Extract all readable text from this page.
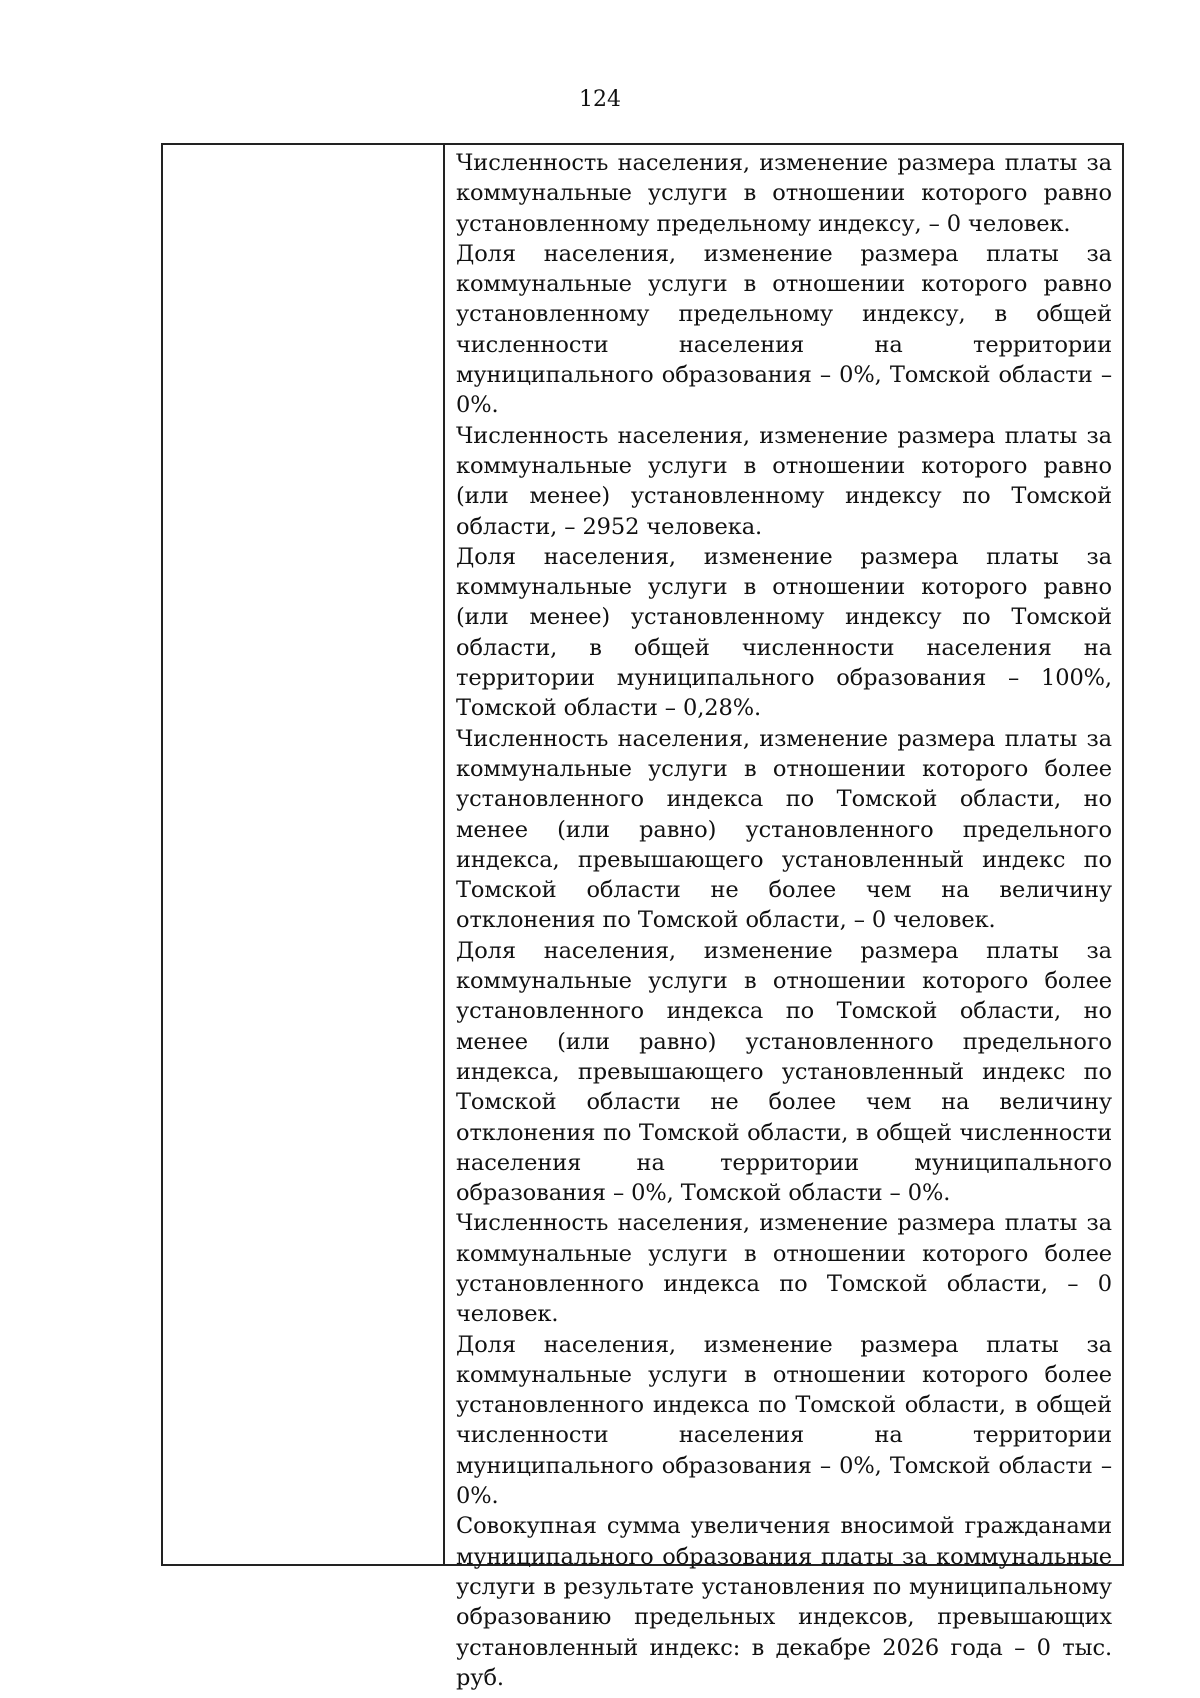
124

Численность населения, изменение размера платы за коммунальные услуги в отношении которого равно установленному предельному индексу, – 0 человек.

Доля населения, изменение размера платы за коммунальные услуги в отношении которого равно установленному предельному индексу, в общей численности населения на территории муниципального образования – 0%, Томской области – 0%.

Численность населения, изменение размера платы за коммунальные услуги в отношении которого равно (или менее) установленному индексу по Томской области, – 2952 человека.

Доля населения, изменение размера платы за коммунальные услуги в отношении которого равно (или менее) установленному индексу по Томской области, в общей численности населения на территории муниципального образования – 100%, Томской области – 0,28%.

Численность населения, изменение размера платы за коммунальные услуги в отношении которого более установленного индекса по Томской области, но менее (или равно) установленного предельного индекса, превышающего установленный индекс по Томской области не более чем на величину отклонения по Томской области, – 0 человек.

Доля населения, изменение размера платы за коммунальные услуги в отношении которого более установленного индекса по Томской области, но менее (или равно) установленного предельного индекса, превышающего установленный индекс по Томской области не более чем на величину отклонения по Томской области, в общей численности населения на территории муниципального образования – 0%, Томской области – 0%.

Численность населения, изменение размера платы за коммунальные услуги в отношении которого более установленного индекса по Томской области, – 0 человек.

Доля населения, изменение размера платы за коммунальные услуги в отношении которого более установленного индекса по Томской области, в общей численности населения на территории муниципального образования – 0%, Томской области – 0%.

Совокупная сумма увеличения вносимой гражданами муниципального образования платы за коммунальные услуги в результате установления по муниципальному образованию предельных индексов, превышающих установленный индекс: в декабре 2026 года – 0 тыс. руб.
